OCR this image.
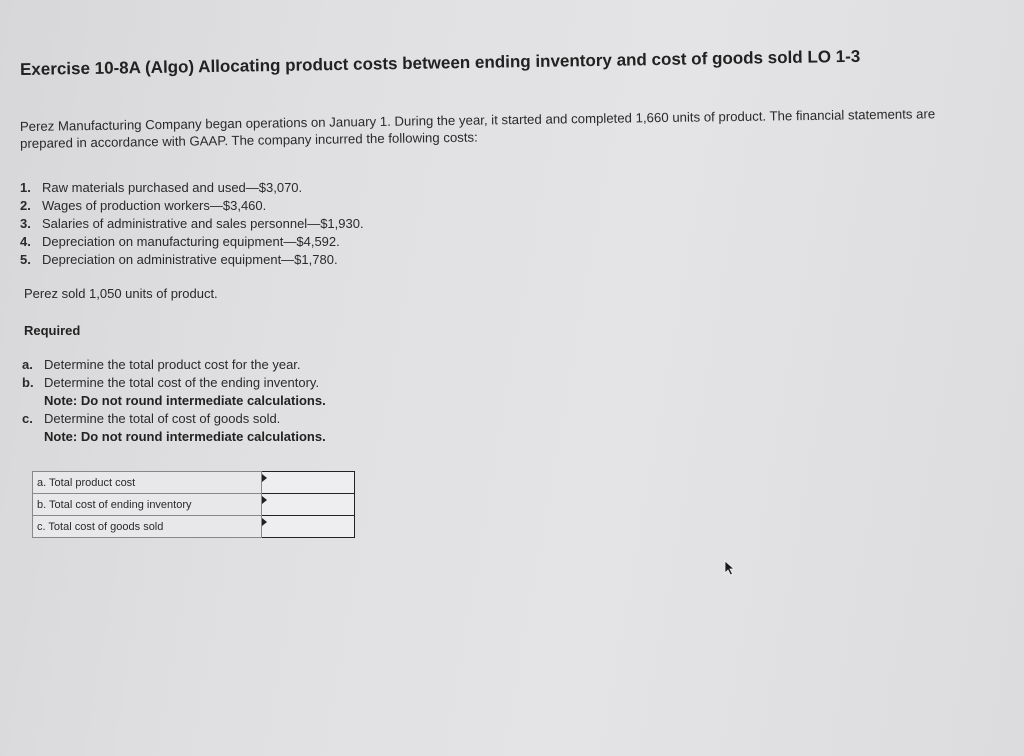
Exercise 10-8A (Algo) Allocating product costs between ending inventory and cost of goods sold LO 1-3

Perez Manufacturing Company began operations on January 1. During the year, it started and completed 1,660 units of product. The financial statements are prepared in accordance with GAAP. The company incurred the following costs:

1. Raw materials purchased and used—$3,070.
2. Wages of production workers—$3,460.
3. Salaries of administrative and sales personnel—$1,930.
4. Depreciation on manufacturing equipment—$4,592.
5. Depreciation on administrative equipment—$1,780.

Perez sold 1,050 units of product.

Required

a. Determine the total product cost for the year.
b. Determine the total cost of the ending inventory.
Note: Do not round intermediate calculations.
c. Determine the total of cost of goods sold.
Note: Do not round intermediate calculations.
a. Total product cost	

b. Total cost of ending inventory	

c. Total cost of goods sold	
